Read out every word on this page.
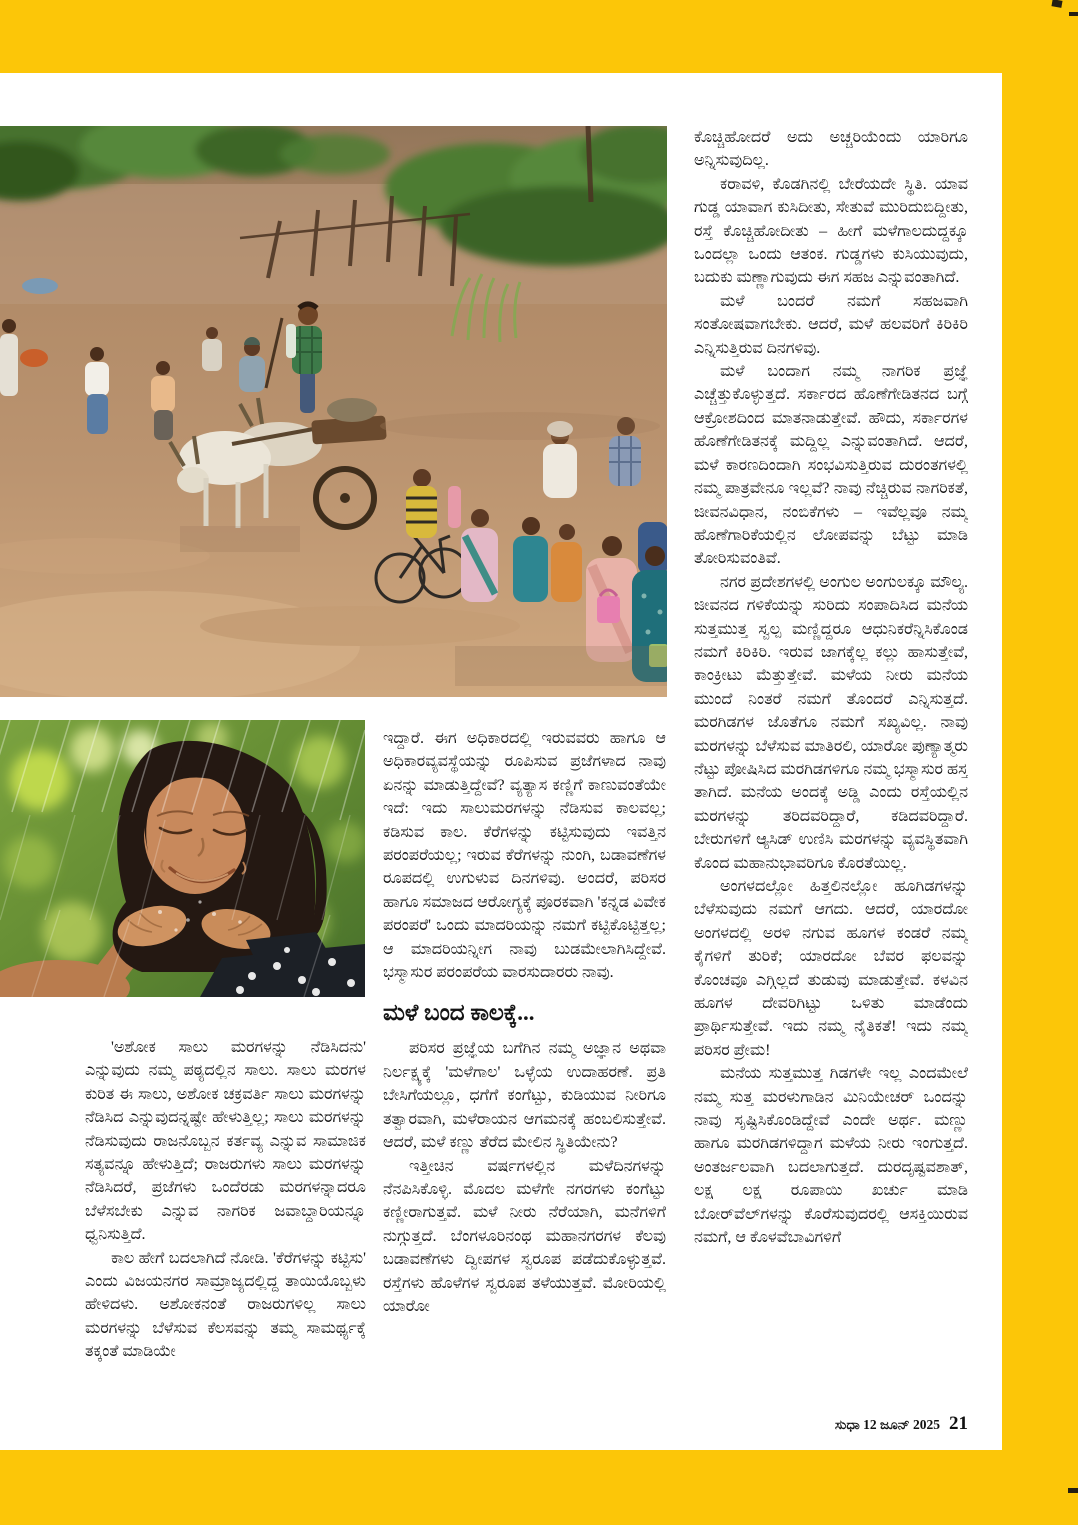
'ಅಶೋಕ ಸಾಲು ಮರಗಳನ್ನು ನೆಡಿಸಿದನು' ಎನ್ನುವುದು ನಮ್ಮ ಪಠ್ಯದಲ್ಲಿನ ಸಾಲು. ಸಾಲು ಮರಗಳ ಕುರಿತ ಈ ಸಾಲು, ಅಶೋಕ ಚಕ್ರವರ್ತಿ ಸಾಲು ಮರಗಳನ್ನು ನೆಡಿಸಿದ ಎನ್ನುವುದನ್ನಷ್ಟೇ ಹೇಳುತ್ತಿಲ್ಲ; ಸಾಲು ಮರಗಳನ್ನು ನೆಡಿಸುವುದು ರಾಜನೊಬ್ಬನ ಕರ್ತವ್ಯ ಎನ್ನುವ ಸಾಮಾಜಿಕ ಸತ್ಯವನ್ನೂ ಹೇಳುತ್ತಿದೆ; ರಾಜರುಗಳು ಸಾಲು ಮರಗಳನ್ನು ನೆಡಿಸಿದರೆ, ಪ್ರಜೆಗಳು ಒಂದೆರಡು ಮರಗಳನ್ನಾದರೂ ಬೆಳೆಸಬೇಕು ಎನ್ನುವ ನಾಗರಿಕ ಜವಾಬ್ದಾರಿಯನ್ನೂ ಧ್ವನಿಸುತ್ತಿದೆ.

ಕಾಲ ಹೇಗೆ ಬದಲಾಗಿದೆ ನೋಡಿ. 'ಕೆರೆಗಳನ್ನು ಕಟ್ಟಿಸು' ಎಂದು ವಿಜಯನಗರ ಸಾಮ್ರಾಜ್ಯದಲ್ಲಿದ್ದ ತಾಯಿಯೊಬ್ಬಳು ಹೇಳಿದಳು. ಅಶೋಕನಂತೆ ರಾಜರುಗಳಿಲ್ಲ ಸಾಲು ಮರಗಳನ್ನು ಬೆಳೆಸುವ ಕೆಲಸವನ್ನು ತಮ್ಮ ಸಾಮರ್ಥ್ಯಕ್ಕೆ ತಕ್ಕಂತೆ ಮಾಡಿಯೇ

ಇದ್ದಾರೆ. ಈಗ ಅಧಿಕಾರದಲ್ಲಿ ಇರುವವರು ಹಾಗೂ ಆ ಅಧಿಕಾರವ್ಯವಸ್ಥೆಯನ್ನು ರೂಪಿಸುವ ಪ್ರಜೆಗಳಾದ ನಾವು ಏನನ್ನು ಮಾಡುತ್ತಿದ್ದೇವೆ? ವ್ಯತ್ಯಾಸ ಕಣ್ಣಿಗೆ ಕಾಣುವಂತೆಯೇ ಇದೆ: ಇದು ಸಾಲುಮರಗಳನ್ನು ನೆಡಿಸುವ ಕಾಲವಲ್ಲ; ಕಡಿಸುವ ಕಾಲ. ಕೆರೆಗಳನ್ನು ಕಟ್ಟಿಸುವುದು ಇವತ್ತಿನ ಪರಂಪರೆಯಲ್ಲ; ಇರುವ ಕೆರೆಗಳನ್ನು ನುಂಗಿ, ಬಡಾವಣೆಗಳ ರೂಪದಲ್ಲಿ ಉಗುಳುವ ದಿನಗಳಿವು. ಅಂದರೆ, ಪರಿಸರ ಹಾಗೂ ಸಮಾಜದ ಆರೋಗ್ಯಕ್ಕೆ ಪೂರಕವಾಗಿ 'ಕನ್ನಡ ವಿವೇಕ ಪರಂಪರೆ' ಒಂದು ಮಾದರಿಯನ್ನು ನಮಗೆ ಕಟ್ಟಿಕೊಟ್ಟಿತ್ತಲ್ಲ; ಆ ಮಾದರಿಯನ್ನೀಗ ನಾವು ಬುಡಮೇಲಾಗಿಸಿದ್ದೇವೆ. ಭಸ್ಮಾಸುರ ಪರಂಪರೆಯ ವಾರಸುದಾರರು ನಾವು.

ಮಳೆ ಬಂದ ಕಾಲಕ್ಕೆ...

ಪರಿಸರ ಪ್ರಜ್ಞೆಯ ಬಗೆಗಿನ ನಮ್ಮ ಅಜ್ಞಾನ ಅಥವಾ ನಿರ್ಲಕ್ಷ್ಯಕ್ಕೆ 'ಮಳೆಗಾಲ' ಒಳ್ಳೆಯ ಉದಾಹರಣೆ. ಪ್ರತಿ ಬೇಸಿಗೆಯಲ್ಲೂ, ಧಗೆಗೆ ಕಂಗೆಟ್ಟು, ಕುಡಿಯುವ ನೀರಿಗೂ ತತ್ವಾರವಾಗಿ, ಮಳೆರಾಯನ ಆಗಮನಕ್ಕೆ ಹಂಬಲಿಸುತ್ತೇವೆ. ಆದರೆ, ಮಳೆ ಕಣ್ಣು ತೆರೆದ ಮೇಲಿನ ಸ್ಥಿತಿಯೇನು?

ಇತ್ತೀಚಿನ ವರ್ಷಗಳಲ್ಲಿನ ಮಳೆದಿನಗಳನ್ನು ನೆನಪಿಸಿಕೊಳ್ಳಿ. ಮೊದಲ ಮಳೆಗೇ ನಗರಗಳು ಕಂಗೆಟ್ಟು ಕಣ್ಣೀರಾಗುತ್ತವೆ. ಮಳೆ ನೀರು ನೆರೆಯಾಗಿ, ಮನೆಗಳಿಗೆ ನುಗ್ಗುತ್ತದೆ. ಬೆಂಗಳೂರಿನಂಥ ಮಹಾನಗರಗಳ ಕೆಲವು ಬಡಾವಣೆಗಳು ದ್ವೀಪಗಳ ಸ್ವರೂಪ ಪಡೆದುಕೊಳ್ಳುತ್ತವೆ. ರಸ್ತೆಗಳು ಹೊಳೆಗಳ ಸ್ವರೂಪ ತಳೆಯುತ್ತವೆ. ಮೋರಿಯಲ್ಲಿ ಯಾರೋ

ಕೊಚ್ಚಿಹೋದರೆ ಅದು ಅಚ್ಚರಿಯೆಂದು ಯಾರಿಗೂ ಅನ್ನಿಸುವುದಿಲ್ಲ.

ಕರಾವಳಿ, ಕೊಡಗಿನಲ್ಲಿ ಬೇರೆಯದೇ ಸ್ಥಿತಿ. ಯಾವ ಗುಡ್ಡ ಯಾವಾಗ ಕುಸಿದೀತು, ಸೇತುವೆ ಮುರಿದುಬಿದ್ದೀತು, ರಸ್ತೆ ಕೊಚ್ಚಿಹೋದೀತು – ಹೀಗೆ ಮಳೆಗಾಲದುದ್ದಕ್ಕೂ ಒಂದಲ್ಲಾ ಒಂದು ಆತಂಕ. ಗುಡ್ಡಗಳು ಕುಸಿಯುವುದು, ಬದುಕು ಮಣ್ಣಾಗುವುದು ಈಗ ಸಹಜ ಎನ್ನುವಂತಾಗಿದೆ.

ಮಳೆ ಬಂದರೆ ನಮಗೆ ಸಹಜವಾಗಿ ಸಂತೋಷವಾಗಬೇಕು. ಆದರೆ, ಮಳೆ ಹಲವರಿಗೆ ಕಿರಿಕಿರಿ ಎನ್ನಿಸುತ್ತಿರುವ ದಿನಗಳಿವು.

ಮಳೆ ಬಂದಾಗ ನಮ್ಮ ನಾಗರಿಕ ಪ್ರಜ್ಞೆ ಎಚ್ಚೆತ್ತುಕೊಳ್ಳುತ್ತದೆ. ಸರ್ಕಾರದ ಹೊಣೆಗೇಡಿತನದ ಬಗ್ಗೆ ಆಕ್ರೋಶದಿಂದ ಮಾತನಾಡುತ್ತೇವೆ. ಹೌದು, ಸರ್ಕಾರಗಳ ಹೊಣೆಗೇಡಿತನಕ್ಕೆ ಮದ್ದಿಲ್ಲ ಎನ್ನುವಂತಾಗಿದೆ. ಆದರೆ, ಮಳೆ ಕಾರಣದಿಂದಾಗಿ ಸಂಭವಿಸುತ್ತಿರುವ ದುರಂತಗಳಲ್ಲಿ ನಮ್ಮ ಪಾತ್ರವೇನೂ ಇಲ್ಲವೆ? ನಾವು ನೆಚ್ಚಿರುವ ನಾಗರಿಕತೆ, ಜೀವನವಿಧಾನ, ನಂಬಿಕೆಗಳು – ಇವೆಲ್ಲವೂ ನಮ್ಮ ಹೊಣೆಗಾರಿಕೆಯಲ್ಲಿನ ಲೋಪವನ್ನು ಬೆಟ್ಟು ಮಾಡಿ ತೋರಿಸುವಂತಿವೆ.

ನಗರ ಪ್ರದೇಶಗಳಲ್ಲಿ ಅಂಗುಲ ಅಂಗುಲಕ್ಕೂ ಮೌಲ್ಯ. ಜೀವನದ ಗಳಿಕೆಯನ್ನು ಸುರಿದು ಸಂಪಾದಿಸಿದ ಮನೆಯ ಸುತ್ತಮುತ್ತ ಸ್ವಲ್ಪ ಮಣ್ಣಿದ್ದರೂ ಆಧುನಿಕರೆನ್ನಿಸಿಕೊಂಡ ನಮಗೆ ಕಿರಿಕಿರಿ. ಇರುವ ಜಾಗಕ್ಕೆಲ್ಲ ಕಲ್ಲು ಹಾಸುತ್ತೇವೆ, ಕಾಂಕ್ರೀಟು ಮೆತ್ತುತ್ತೇವೆ. ಮಳೆಯ ನೀರು ಮನೆಯ ಮುಂದೆ ನಿಂತರೆ ನಮಗೆ ತೊಂದರೆ ಎನ್ನಿಸುತ್ತದೆ. ಮರಗಿಡಗಳ ಜೊತೆಗೂ ನಮಗೆ ಸಖ್ಯವಿಲ್ಲ. ನಾವು ಮರಗಳನ್ನು ಬೆಳೆಸುವ ಮಾತಿರಲಿ, ಯಾರೋ ಪುಣ್ಯಾತ್ಮರು ನೆಟ್ಟು ಪೋಷಿಸಿದ ಮರಗಿಡಗಳಿಗೂ ನಮ್ಮ ಭಸ್ಮಾಸುರ ಹಸ್ತ ತಾಗಿದೆ. ಮನೆಯ ಅಂದಕ್ಕೆ ಅಡ್ಡಿ ಎಂದು ರಸ್ತೆಯಲ್ಲಿನ ಮರಗಳನ್ನು ತರಿದವರಿದ್ದಾರೆ, ಕಡಿದವರಿದ್ದಾರೆ. ಬೇರುಗಳಿಗೆ ಆ್ಯಸಿಡ್ ಉಣಿಸಿ ಮರಗಳನ್ನು ವ್ಯವಸ್ಥಿತವಾಗಿ ಕೊಂದ ಮಹಾನುಭಾವರಿಗೂ ಕೊರತೆಯಿಲ್ಲ.

ಅಂಗಳದಲ್ಲೋ ಹಿತ್ತಲಿನಲ್ಲೋ ಹೂಗಿಡಗಳನ್ನು ಬೆಳೆಸುವುದು ನಮಗೆ ಆಗದು. ಆದರೆ, ಯಾರದೋ ಅಂಗಳದಲ್ಲಿ ಅರಳಿ ನಗುವ ಹೂಗಳ ಕಂಡರೆ ನಮ್ಮ ಕೈಗಳಿಗೆ ತುರಿಕೆ; ಯಾರದೋ ಬೆವರ ಫಲವನ್ನು ಕೊಂಚವೂ ಎಗ್ಗಿಲ್ಲದೆ ತುಡುವು ಮಾಡುತ್ತೇವೆ. ಕಳವಿನ ಹೂಗಳ ದೇವರಿಗಿಟ್ಟು ಒಳಿತು ಮಾಡೆಂದು ಪ್ರಾರ್ಥಿಸುತ್ತೇವೆ. ಇದು ನಮ್ಮ ನೈತಿಕತೆ! ಇದು ನಮ್ಮ ಪರಿಸರ ಪ್ರೇಮ!

ಮನೆಯ ಸುತ್ತಮುತ್ತ ಗಿಡಗಳೇ ಇಲ್ಲ ಎಂದಮೇಲೆ ನಮ್ಮ ಸುತ್ತ ಮರಳುಗಾಡಿನ ಮಿನಿಯೇಚರ್ ಒಂದನ್ನು ನಾವು ಸೃಷ್ಟಿಸಿಕೊಂಡಿದ್ದೇವೆ ಎಂದೇ ಅರ್ಥ. ಮಣ್ಣು ಹಾಗೂ ಮರಗಿಡಗಳಿದ್ದಾಗ ಮಳೆಯ ನೀರು ಇಂಗುತ್ತದೆ. ಅಂತರ್ಜಲವಾಗಿ ಬದಲಾಗುತ್ತದೆ. ದುರದೃಷ್ಟವಶಾತ್, ಲಕ್ಷ ಲಕ್ಷ ರೂಪಾಯಿ ಖರ್ಚು ಮಾಡಿ ಬೋರ್‌ವೆಲ್‌ಗಳನ್ನು ಕೊರೆಸುವುದರಲ್ಲಿ ಆಸಕ್ತಿಯಿರುವ ನಮಗೆ, ಆ ಕೊಳವೆಬಾವಿಗಳಿಗೆ

ಸುಧಾ 12 ಜೂನ್ 2025 21
